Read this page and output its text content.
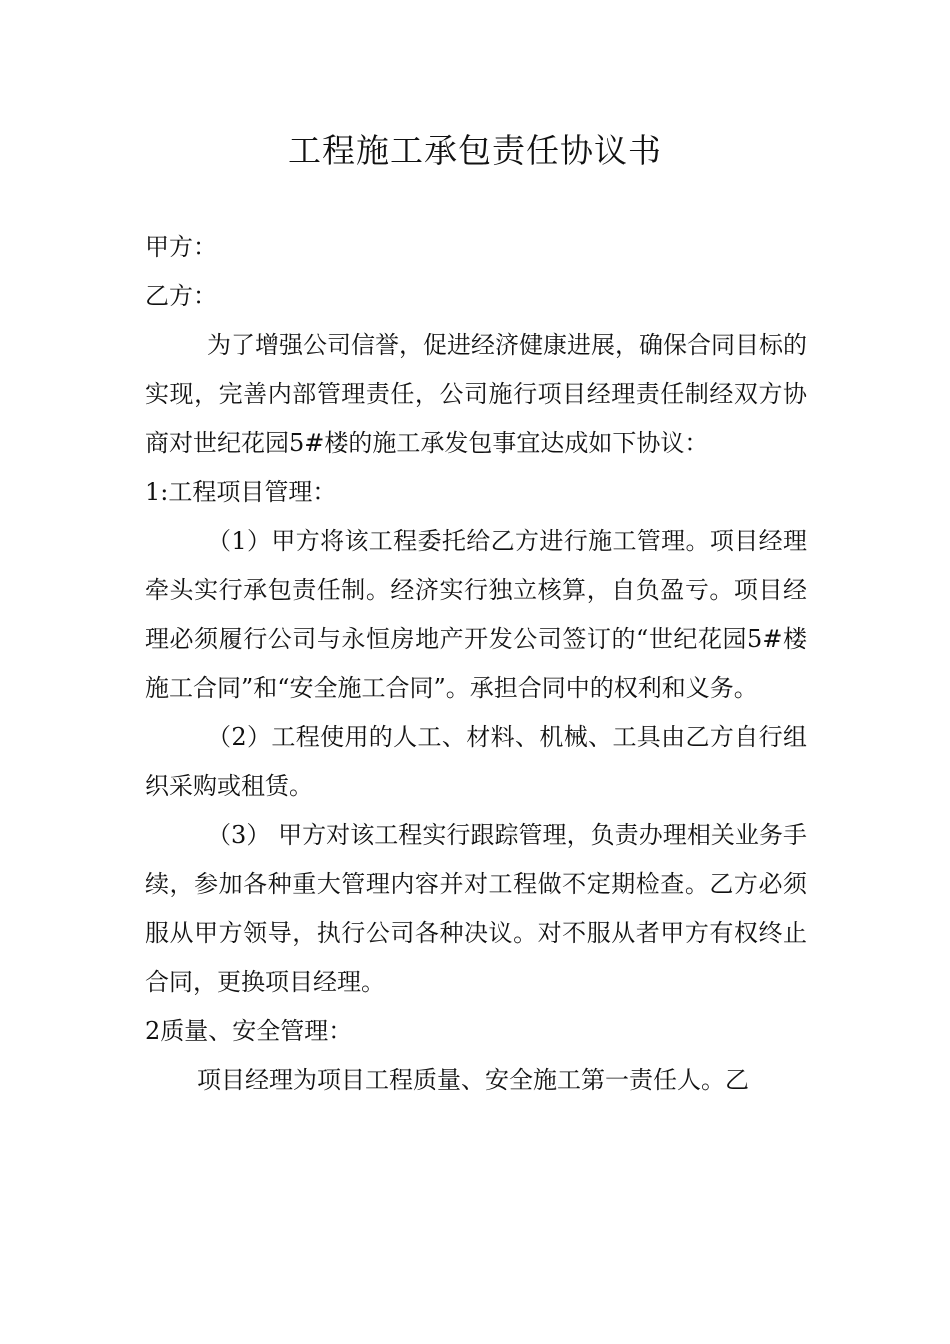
工程施工承包责任协议书

甲方：

乙方：

为了增强公司信誉，促进经济健康进展，确保合同目标的实现，完善内部管理责任，公司施行项目经理责任制经双方协商对世纪花园5#楼的施工承发包事宜达成如下协议：

1:工程项目管理：

（1）甲方将该工程委托给乙方进行施工管理。项目经理牵头实行承包责任制。经济实行独立核算，自负盈亏。项目经理必须履行公司与永恒房地产开发公司签订的“世纪花园5#楼施工合同”和“安全施工合同”。承担合同中的权利和义务。

（2）工程使用的人工、材料、机械、工具由乙方自行组织采购或租赁。

（3） 甲方对该工程实行跟踪管理，负责办理相关业务手续，参加各种重大管理内容并对工程做不定期检查。乙方必须服从甲方领导，执行公司各种决议。对不服从者甲方有权终止合同，更换项目经理。

2质量、安全管理：

项目经理为项目工程质量、安全施工第一责任人。乙
